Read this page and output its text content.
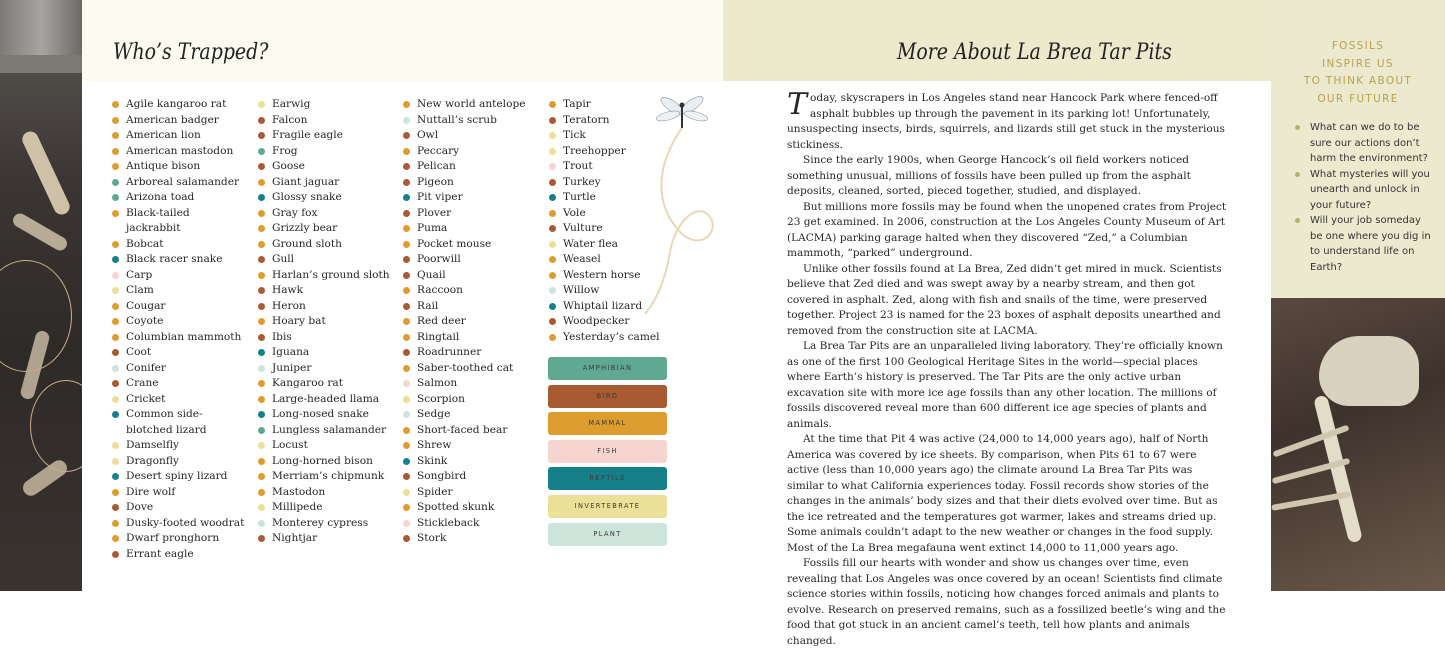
Who’s Trapped?	More About La Brea Tar Pits
Agile kangaroo rat
American badger
American lion
American mastodon
Antique bison
Arboreal salamander
Arizona toad
Black-tailed jackrabbit
Bobcat
Black racer snake
Carp
Clam
Cougar
Coyote
Columbian mammoth
Coot
Conifer
Crane
Cricket
Common side-blotched lizard
Damselfly
Dragonfly
Desert spiny lizard
Dire wolf
Dove
Dusky-footed woodrat
Dwarf pronghorn
Errant eagle
Earwig
Falcon
Fragile eagle
Frog
Goose
Giant jaguar
Glossy snake
Gray fox
Grizzly bear
Ground sloth
Gull
Harlan’s ground sloth
Hawk
Heron
Hoary bat
Ibis
Iguana
Juniper
Kangaroo rat
Large-headed llama
Long-nosed snake
Lungless salamander
Locust
Long-horned bison
Merriam’s chipmunk
Mastodon
Millipede
Monterey cypress
Nightjar
New world antelope
Nuttall’s scrub
Owl
Peccary
Pelican
Pigeon
Pit viper
Plover
Puma
Pocket mouse
Poorwill
Quail
Raccoon
Rail
Red deer
Ringtail
Roadrunner
Saber-toothed cat
Salmon
Scorpion
Sedge
Short-faced bear
Shrew
Skink
Songbird
Spider
Spotted skunk
Stickleback
Stork
Tapir
Teratorn
Tick
Treehopper
Trout
Turkey
Turtle
Vole
Vulture
Water flea
Weasel
Western horse
Willow
Whiptail lizard
Woodpecker
Yesterday’s camel
AMPHIBIAN
BIRD
MAMMAL
FISH
REPTILE
INVERTEBRATE
PLANT

Today, skyscrapers in Los Angeles stand near Hancock Park where fenced-off asphalt bubbles up through the pavement in its parking lot! Unfortunately, unsuspecting insects, birds, squirrels, and lizards still get stuck in the mysterious stickiness.

Since the early 1900s, when George Hancock’s oil field workers noticed something unusual, millions of fossils have been pulled up from the asphalt deposits, cleaned, sorted, pieced together, studied, and displayed.

But millions more fossils may be found when the unopened crates from Project 23 get examined. In 2006, construction at the Los Angeles County Museum of Art (LACMA) parking garage halted when they discovered “Zed,” a Columbian mammoth, “parked” underground.

Unlike other fossils found at La Brea, Zed didn’t get mired in muck. Scientists believe that Zed died and was swept away by a nearby stream, and then got covered in asphalt. Zed, along with fish and snails of the time, were preserved together. Project 23 is named for the 23 boxes of asphalt deposits unearthed and removed from the construction site at LACMA.

La Brea Tar Pits are an unparalleled living laboratory. They’re officially known as one of the first 100 Geological Heritage Sites in the world—special places where Earth’s history is preserved. The Tar Pits are the only active urban excavation site with more ice age fossils than any other location. The millions of fossils discovered reveal more than 600 different ice age species of plants and animals.

At the time that Pit 4 was active (24,000 to 14,000 years ago), half of North America was covered by ice sheets. By comparison, when Pits 61 to 67 were active (less than 10,000 years ago) the climate around La Brea Tar Pits was similar to what California experiences today. Fossil records show stories of the changes in the animals’ body sizes and that their diets evolved over time. But as the ice retreated and the temperatures got warmer, lakes and streams dried up. Some animals couldn’t adapt to the new weather or changes in the food supply. Most of the La Brea megafauna went extinct 14,000 to 11,000 years ago.

Fossils fill our hearts with wonder and show us changes over time, even revealing that Los Angeles was once covered by an ocean! Scientists find climate science stories within fossils, noticing how changes forced animals and plants to evolve. Research on preserved remains, such as a fossilized beetle’s wing and the food that got stuck in an ancient camel’s teeth, tell how plants and animals changed.

FOSSILS
INSPIRE US
TO THINK ABOUT
OUR FUTURE
What can we do to be sure our actions don’t harm the environment?
What mysteries will you unearth and unlock in your future?
Will your job someday be one where you dig in to understand life on Earth?
